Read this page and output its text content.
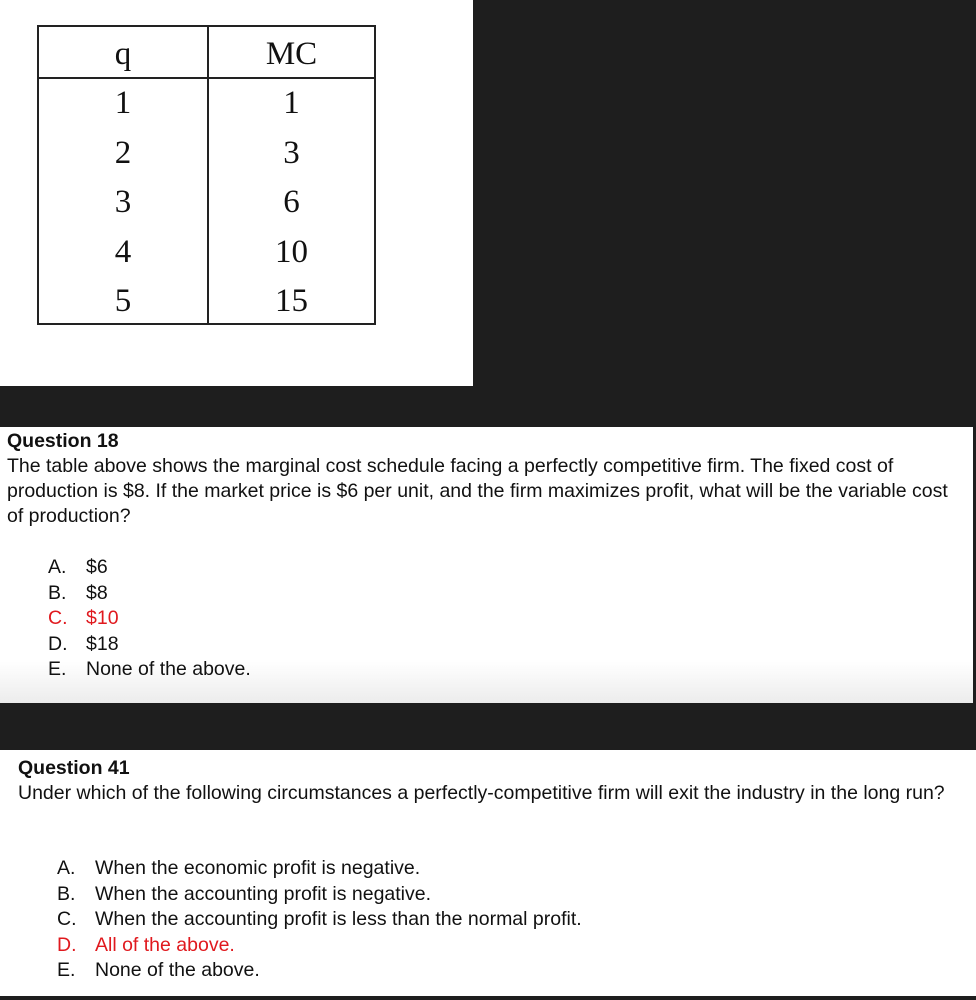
q
1
2
3
4
5
MC
1
3
6
10
15
Question 18
The table above shows the marginal cost schedule facing a perfectly competitive firm. The fixed cost of production is $8. If the market price is $6 per unit, and the firm maximizes profit, what will be the variable cost of production?
A. $6
B. $8
C. $10
D. $18
E. None of the above.
Question 41
Under which of the following circumstances a perfectly-competitive firm will exit the industry in the long run?
A. When the economic profit is negative.
B. When the accounting profit is negative.
C. When the accounting profit is less than the normal profit.
D. All of the above.
E. None of the above.
